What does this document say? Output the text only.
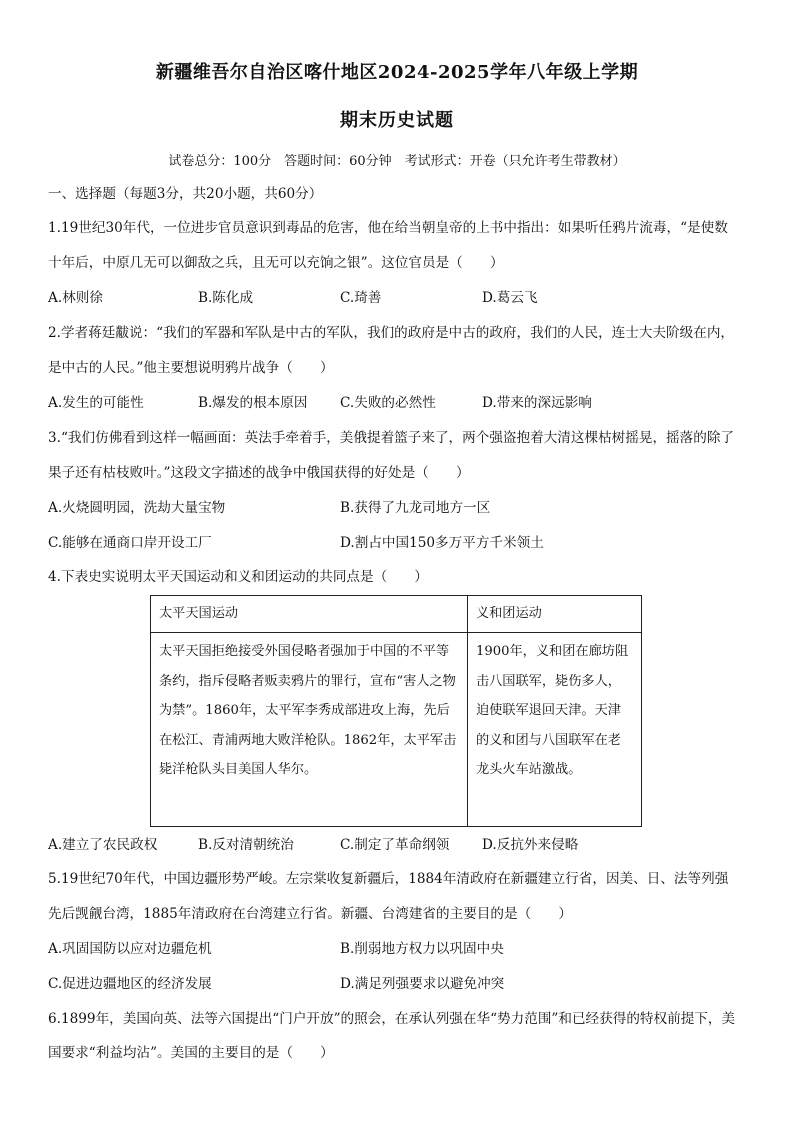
新疆维吾尔自治区喀什地区2024-2025学年八年级上学期
期末历史试题
试卷总分：100分　答题时间：60分钟　考试形式：开卷（只允许考生带教材）
一、选择题（每题3分，共20小题，共60分）
1.19世纪30年代，一位进步官员意识到毒品的危害，他在给当朝皇帝的上书中指出：如果听任鸦片流毒，“是使数
十年后，中原几无可以御敌之兵，且无可以充饷之银”。这位官员是（　　）
A.林则徐	B.陈化成	C.琦善	D.葛云飞
2.学者蒋廷黻说：“我们的军器和军队是中古的军队，我们的政府是中古的政府，我们的人民，连士大夫阶级在内，
是中古的人民。”他主要想说明鸦片战争（　　）
A.发生的可能性	B.爆发的根本原因 C.失败的必然性	D.带来的深远影响
3.“我们仿佛看到这样一幅画面：英法手牵着手，美俄提着篮子来了，两个强盗抱着大清这棵枯树摇晃，摇落的除了
果子还有枯枝败叶。”这段文字描述的战争中俄国获得的好处是（　　）
A.火烧圆明园，洗劫大量宝物	B.获得了九龙司地方一区
C.能够在通商口岸开设工厂	D.割占中国150多万平方千米领土
4.下表史实说明太平天国运动和义和团运动的共同点是（　　）
太平天国运动	义和团运动
太平天国拒绝接受外国侵略者强加于中国的不平等条约，指斥侵略者贩卖鸦片的罪行，宣布“害人之物为禁”。1860年，太平军李秀成部进攻上海，先后在松江、青浦两地大败洋枪队。1862年，太平军击毙洋枪队头目美国人华尔。	1900年，义和团在廊坊阻击八国联军，毙伤多人，迫使联军退回天津。天津的义和团与八国联军在老龙头火车站激战。
A.建立了农民政权	B.反对清朝统治	C.制定了革命纲领 D.反抗外来侵略
5.19世纪70年代，中国边疆形势严峻。左宗棠收复新疆后，1884年清政府在新疆建立行省，因美、日、法等列强
先后觊觎台湾，1885年清政府在台湾建立行省。新疆、台湾建省的主要目的是（　　）
A.巩固国防以应对边疆危机	B.削弱地方权力以巩固中央
C.促进边疆地区的经济发展	D.满足列强要求以避免冲突
6.1899年，美国向英、法等六国提出“门户开放”的照会，在承认列强在华“势力范围”和已经获得的特权前提下，美
国要求“利益均沾”。美国的主要目的是（　　）
